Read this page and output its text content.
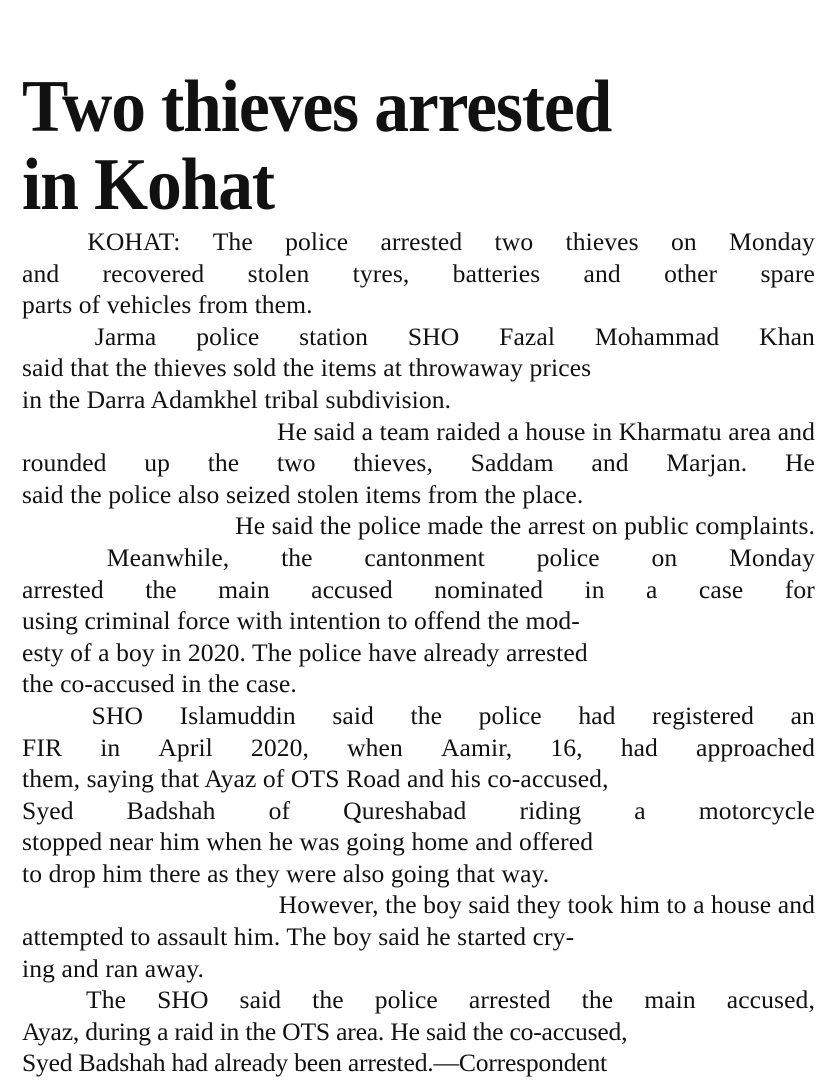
Two thieves arrested
in Kohat

KOHAT: The police arrested two thieves on Monday
and recovered stolen tyres, batteries and other spare
parts of vehicles from them.

Jarma police station SHO Fazal Mohammad Khan
said that the thieves sold the items at throwaway prices
in the Darra Adamkhel tribal subdivision.

He said a team raided a house in Kharmatu area and
rounded up the two thieves, Saddam and Marjan. He
said the police also seized stolen items from the place.

He said the police made the arrest on public complaints.

Meanwhile, the cantonment police on Monday
arrested the main accused nominated in a case for
using criminal force with intention to offend the mod-
esty of a boy in 2020. The police have already arrested
the co-accused in the case.

SHO Islamuddin said the police had registered an
FIR in April 2020, when Aamir, 16, had approached
them, saying that Ayaz of OTS Road and his co-accused,
Syed Badshah of Qureshabad riding a motorcycle
stopped near him when he was going home and offered
to drop him there as they were also going that way.

However, the boy said they took him to a house and
attempted to assault him. The boy said he started cry-
ing and ran away.

The SHO said the police arrested the main accused,
Ayaz, during a raid in the OTS area. He said the co-accused,
Syed Badshah had already been arrested.—Correspondent
